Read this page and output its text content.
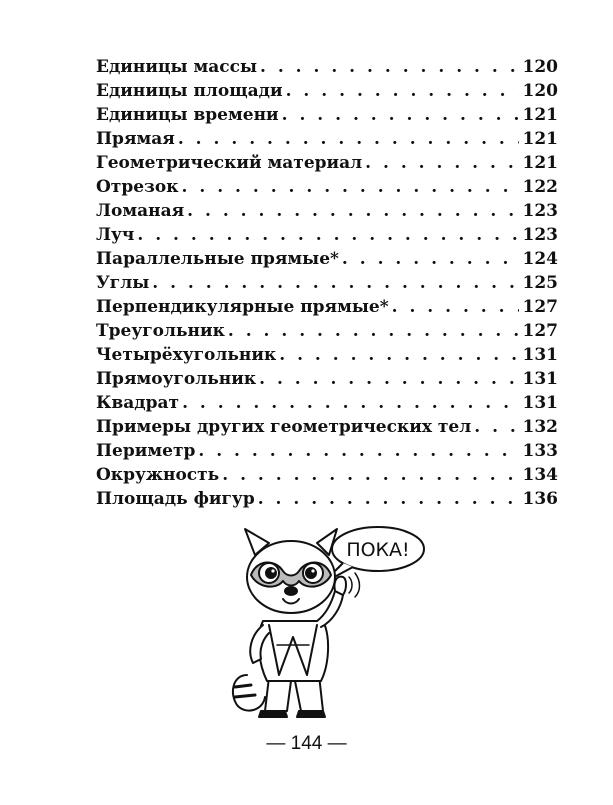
Единицы массы . . .	120
Единицы площади . . .	120
Единицы времени . . .	121
Прямая . . .	121
Геометрический материал . . .	121
Отрезок . . .	122
Ломаная . . .	123
Луч . . .	123
Параллельные прямые* . . .	124
Углы . . .	125
Перпендикулярные прямые* . . .	127
Треугольник . . .	127
Четырёхугольник . . .	131
Прямоугольник . . .	131
Квадрат . . .	131
Примеры других геометрических тел . . .	132
Периметр . . .	133
Окружность . . .	134
Площадь фигур . . .	136
ПОКА!
— 144 —
